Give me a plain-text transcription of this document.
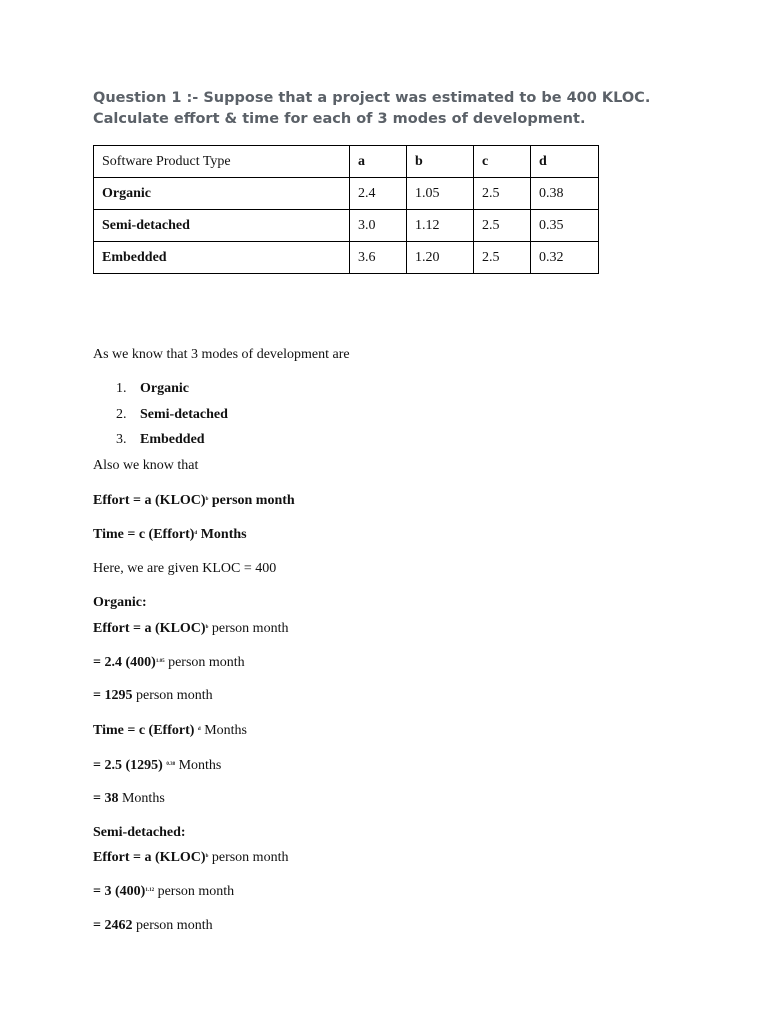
Question 1 :- Suppose that a project was estimated to be 400 KLOC.
Calculate effort & time for each of 3 modes of development.
Software Product Type	a	b	c	d
Organic	2.4	1.05	2.5	0.38
Semi-detached	3.0	1.12	2.5	0.35
Embedded	3.6	1.20	2.5	0.32
As we know that 3 modes of development are
1. Organic
2. Semi-detached
3. Embedded
Also we know that
Effort = a (KLOC)$^b$ person month
Time = c (Effort)$^d$ Months
Here, we are given KLOC = 400
Organic:
Effort = a (KLOC)$^b$ person month
= 2.4 $(400)^{1.05}$ person month
= 1295 person month
Time = c (Effort) $^d$ Months
= 2.5 (1295) $^{0.38}$ Months
= 38 Months
Semi-detached:
Effort = a (KLOC)$^b$ person month
= 3 $(400)^{1.12}$ person month
= 2462 person month
